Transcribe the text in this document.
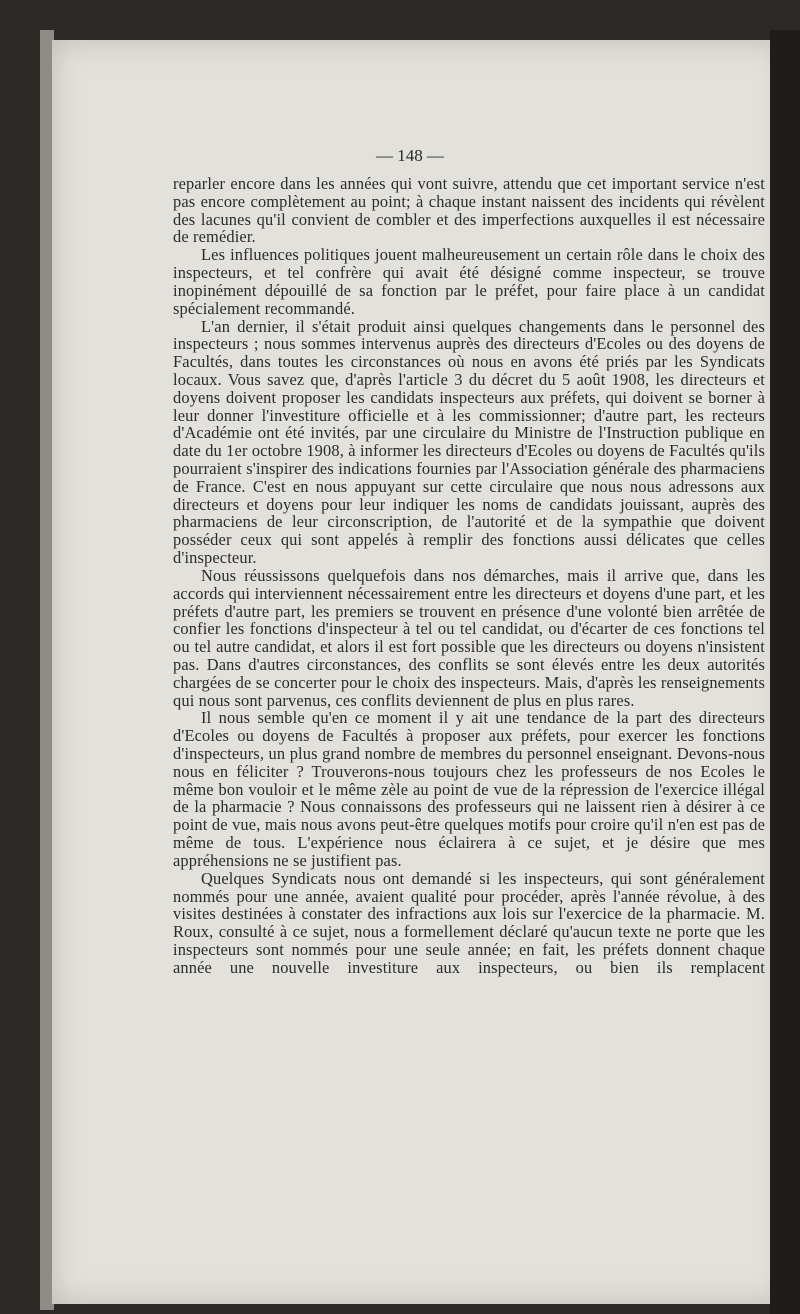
— 148 —

reparler encore dans les années qui vont suivre, attendu que cet important service n'est pas encore complètement au point; à chaque instant naissent des incidents qui révèlent des lacunes qu'il convient de combler et des imperfections auxquelles il est nécessaire de remédier.

Les influences politiques jouent malheureusement un certain rôle dans le choix des inspecteurs, et tel confrère qui avait été désigné comme inspecteur, se trouve inopinément dépouillé de sa fonction par le préfet, pour faire place à un candidat spécialement recommandé.

L'an dernier, il s'était produit ainsi quelques changements dans le personnel des inspecteurs ; nous sommes intervenus auprès des directeurs d'Ecoles ou des doyens de Facultés, dans toutes les circonstances où nous en avons été priés par les Syndicats locaux. Vous savez que, d'après l'article 3 du décret du 5 août 1908, les directeurs et doyens doivent proposer les candidats inspecteurs aux préfets, qui doivent se borner à leur donner l'investiture officielle et à les commissionner; d'autre part, les recteurs d'Académie ont été invités, par une circulaire du Ministre de l'Instruction publique en date du 1er octobre 1908, à informer les directeurs d'Ecoles ou doyens de Facultés qu'ils pourraient s'inspirer des indications fournies par l'Association générale des pharmaciens de France. C'est en nous appuyant sur cette circulaire que nous nous adressons aux directeurs et doyens pour leur indiquer les noms de candidats jouissant, auprès des pharmaciens de leur circonscription, de l'autorité et de la sympathie que doivent posséder ceux qui sont appelés à remplir des fonctions aussi délicates que celles d'inspecteur.

Nous réussissons quelquefois dans nos démarches, mais il arrive que, dans les accords qui interviennent nécessairement entre les directeurs et doyens d'une part, et les préfets d'autre part, les premiers se trouvent en présence d'une volonté bien arrêtée de confier les fonctions d'inspecteur à tel ou tel candidat, ou d'écarter de ces fonctions tel ou tel autre candidat, et alors il est fort possible que les directeurs ou doyens n'insistent pas. Dans d'autres circonstances, des conflits se sont élevés entre les deux autorités chargées de se concerter pour le choix des inspecteurs. Mais, d'après les renseignements qui nous sont parvenus, ces conflits deviennent de plus en plus rares.

Il nous semble qu'en ce moment il y ait une tendance de la part des directeurs d'Ecoles ou doyens de Facultés à proposer aux préfets, pour exercer les fonctions d'inspecteurs, un plus grand nombre de membres du personnel enseignant. Devons-nous nous en féliciter ? Trouverons-nous toujours chez les professeurs de nos Ecoles le même bon vouloir et le même zèle au point de vue de la répression de l'exercice illégal de la pharmacie ? Nous connaissons des professeurs qui ne laissent rien à désirer à ce point de vue, mais nous avons peut-être quelques motifs pour croire qu'il n'en est pas de même de tous. L'expérience nous éclairera à ce sujet, et je désire que mes appréhensions ne se justifient pas.

Quelques Syndicats nous ont demandé si les inspecteurs, qui sont généralement nommés pour une année, avaient qualité pour procéder, après l'année révolue, à des visites destinées à constater des infractions aux lois sur l'exercice de la pharmacie. M. Roux, consulté à ce sujet, nous a formellement déclaré qu'aucun texte ne porte que les inspecteurs sont nommés pour une seule année; en fait, les préfets donnent chaque année une nouvelle investiture aux inspecteurs, ou bien ils remplacent
